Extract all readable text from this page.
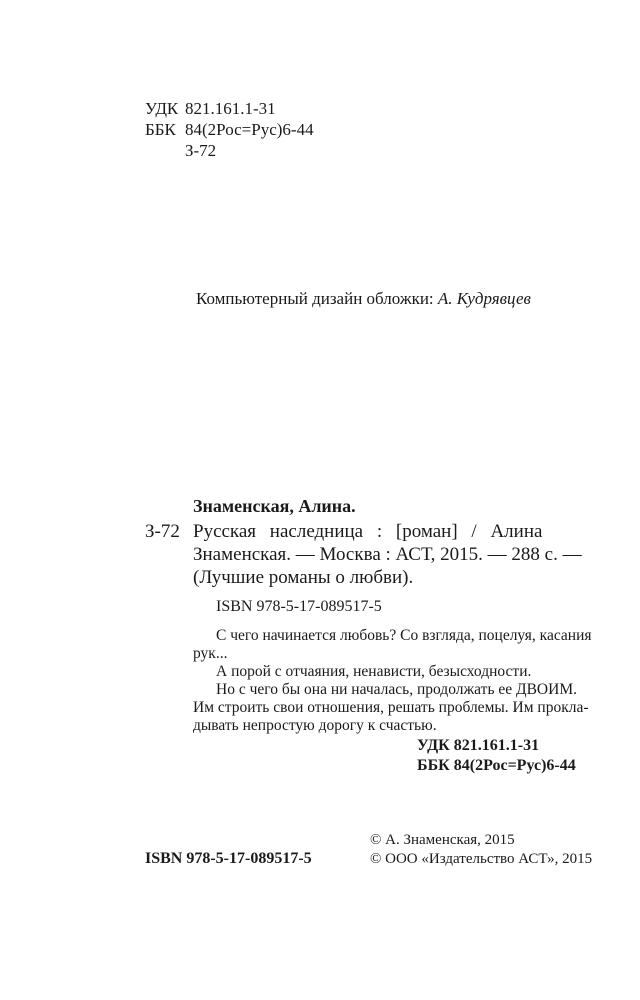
УДК 821.161.1-31
ББК 84(2Рос=Рус)6-44
З-72
Компьютерный дизайн обложки: А. Кудрявцев
Знаменская, Алина.
З-72 Русская наследница : [роман] / Алина
Знаменская. — Москва : АСТ, 2015. — 288 с. —
(Лучшие романы о любви).
ISBN 978-5-17-089517-5
С чего начинается любовь? Со взгляда, поцелуя, касания
рук...
А порой с отчаяния, ненависти, безысходности.
Но с чего бы она ни началась, продолжать ее ДВОИМ.
Им строить свои отношения, решать проблемы. Им прокла-
дывать непростую дорогу к счастью.
УДК 821.161.1-31
ББК 84(2Рос=Рус)6-44
© А. Знаменская, 2015
ISBN 978-5-17-089517-5	© ООО «Издательство АСТ», 2015
